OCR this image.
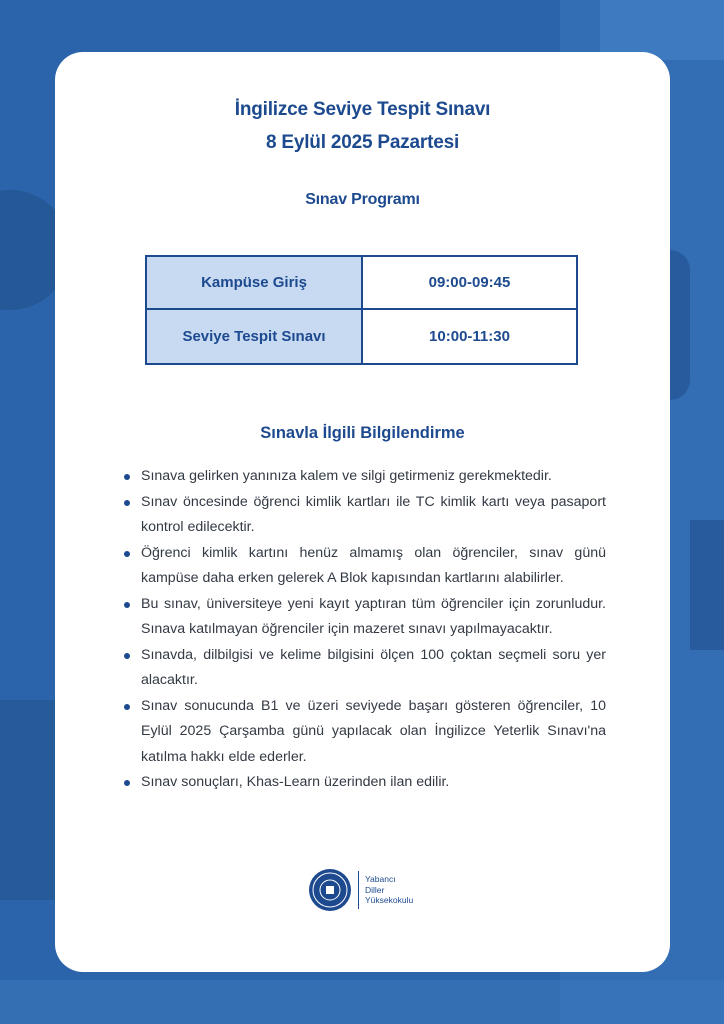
İngilizce Seviye Tespit Sınavı
8 Eylül 2025 Pazartesi
Sınav Programı
Kampüse Giriş	09:00-09:45
Seviye Tespit Sınavı	10:00-11:30
Sınavla İlgili Bilgilendirme
Sınava gelirken yanınıza kalem ve silgi getirmeniz gerekmektedir.
Sınav öncesinde öğrenci kimlik kartları ile TC kimlik kartı veya pasaport kontrol edilecektir.
Öğrenci kimlik kartını henüz almamış olan öğrenciler, sınav günü kampüse daha erken gelerek A Blok kapısından kartlarını alabilirler.
Bu sınav, üniversiteye yeni kayıt yaptıran tüm öğrenciler için zorunludur. Sınava katılmayan öğrenciler için mazeret sınavı yapılmayacaktır.
Sınavda, dilbilgisi ve kelime bilgisini ölçen 100 çoktan seçmeli soru yer alacaktır.
Sınav sonucunda B1 ve üzeri seviyede başarı gösteren öğrenciler, 10 Eylül 2025 Çarşamba günü yapılacak olan İngilizce Yeterlik Sınavı'na katılma hakkı elde ederler.
Sınav sonuçları, Khas-Learn üzerinden ilan edilir.
Yabancı
Diller
Yüksekokulu
